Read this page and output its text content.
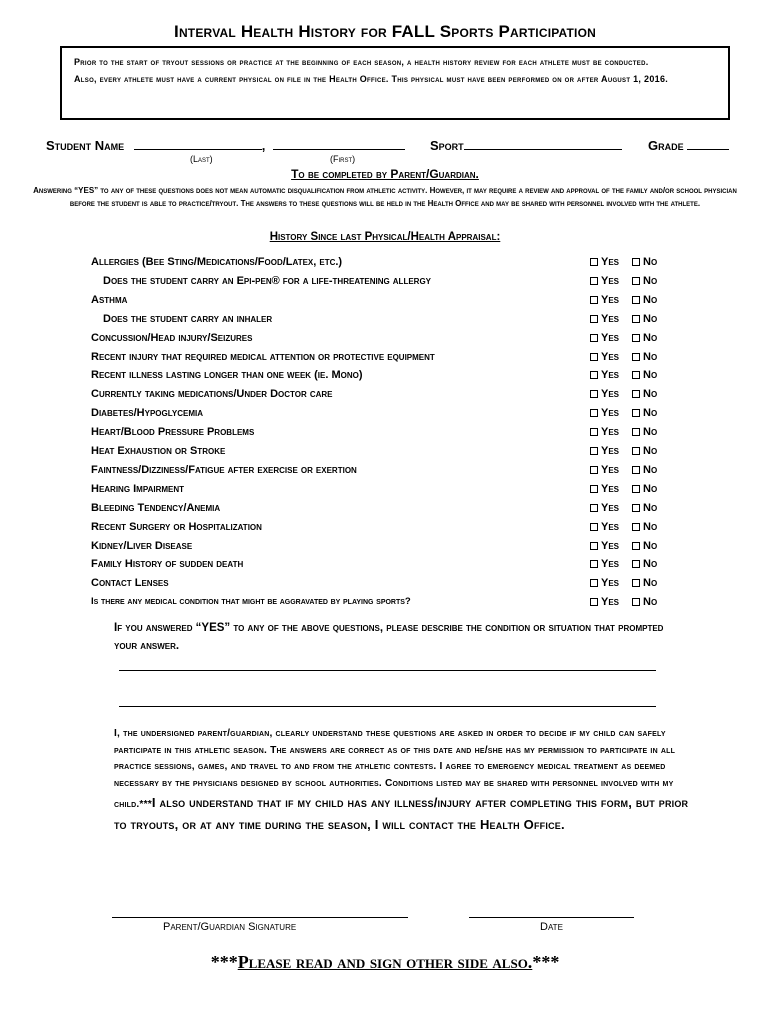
Interval Health History for FALL Sports Participation

Prior to the start of tryout sessions or practice at the beginning of each season, a health history review for each athlete must be conducted.

Also, every athlete must have a current physical on file in the Health Office. This physical must have been performed on or after August 1, 2016.

Student Name	,
(Last)	(First)
Sport	Grade
To be completed by Parent/Guardian.
Answering “YES” to any of these questions does not mean automatic disqualification from athletic activity. However, it may require a review and approval of the family and/or school physician before the student is able to practice/tryout. The answers to these questions will be held in the Health Office and may be shared with personnel involved with the athlete.
History Since last Physical/Health Appraisal:
Allergies (Bee Sting/Medications/Food/Latex, etc.)	Yes No
Does the student carry an Epi-pen® for a life-threatening allergy	Yes No
Asthma	Yes No
Does the student carry an inhaler	Yes No
Concussion/Head injury/Seizures	Yes No
Recent injury that required medical attention or protective equipment	Yes No
Recent illness lasting longer than one week (ie. Mono)	Yes No
Currently taking medications/Under Doctor care	Yes No
Diabetes/Hypoglycemia	Yes No
Heart/Blood Pressure Problems	Yes No
Heat Exhaustion or Stroke	Yes No
Faintness/Dizziness/Fatigue after exercise or exertion	Yes No
Hearing Impairment	Yes No
Bleeding Tendency/Anemia	Yes No
Recent Surgery or Hospitalization	Yes No
Kidney/Liver Disease	Yes No
Family History of sudden death	Yes No
Contact Lenses	Yes No
Is there any medical condition that might be aggravated by playing sports?	Yes No
If you answered “YES” to any of the above questions, please describe the condition or situation that prompted your answer.
I, the undersigned parent/guardian, clearly understand these questions are asked in order to decide if my child can safely participate in this athletic season. The answers are correct as of this date and he/she has my permission to participate in all practice sessions, games, and travel to and from the athletic contests. I agree to emergency medical treatment as deemed necessary by the physicians designed by school authorities. Conditions listed may be shared with personnel involved with my child.***I also understand that if my child has any illness/injury after completing this form, but prior to tryouts, or at any time during the season, I will contact the Health Office.
Parent/Guardian Signature	Date
***Please read and sign other side also.***
